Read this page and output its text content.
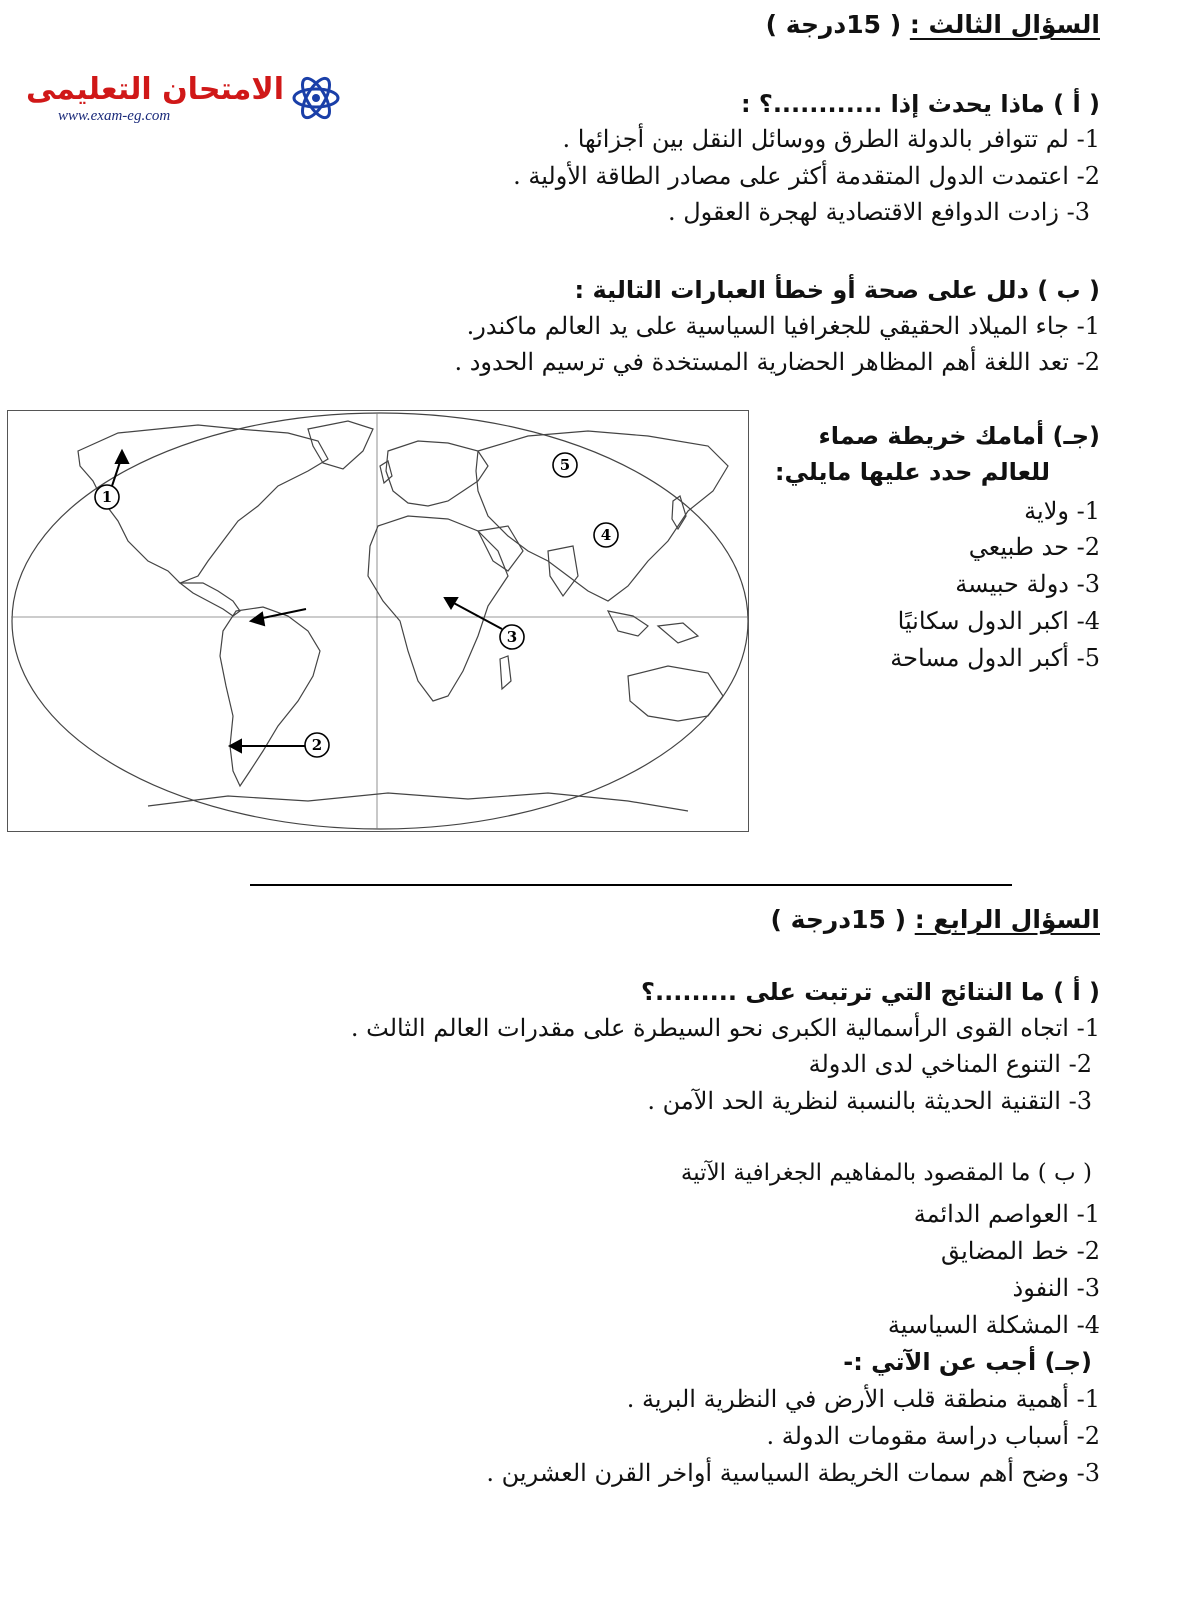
الامتحان التعليمى
www.exam-eg.com
السؤال الثالث : ( 15درجة )
( أ ) ماذا يحدث إذا ............؟ :
1- لم تتوافر بالدولة الطرق ووسائل النقل بين أجزائها .
2- اعتمدت الدول المتقدمة أكثر على مصادر الطاقة الأولية .
3- زادت الدوافع الاقتصادية لهجرة العقول .
( ب ) دلل على صحة أو خطأ العبارات التالية :
1- جاء الميلاد الحقيقي للجغرافيا السياسية على يد العالم ماكندر.
2- تعد اللغة أهم المظاهر الحضارية المستخدة في ترسيم الحدود .
(جـ) أمامك خريطة صماء
للعالم حدد عليها مايلي:
1- ولاية
2- حد طبيعي
3- دولة حبيسة
4- اكبر الدول سكانيًا
5- أكبر الدول مساحة
1
2
3
4
5
السؤال الرابع : ( 15درجة )
( أ ) ما النتائج التي ترتبت على .........؟
1- اتجاه القوى الرأسمالية الكبرى نحو السيطرة على مقدرات العالم الثالث .
2- التنوع المناخي لدى الدولة
3- التقنية الحديثة بالنسبة لنظرية الحد الآمن .
( ب ) ما المقصود بالمفاهيم الجغرافية الآتية
1- العواصم الدائمة
2- خط المضايق
3- النفوذ
4- المشكلة السياسية
(جـ) أجب عن الآتي :-
1- أهمية منطقة قلب الأرض في النظرية البرية .
2- أسباب دراسة مقومات الدولة .
3- وضح أهم سمات الخريطة السياسية أواخر القرن العشرين .
